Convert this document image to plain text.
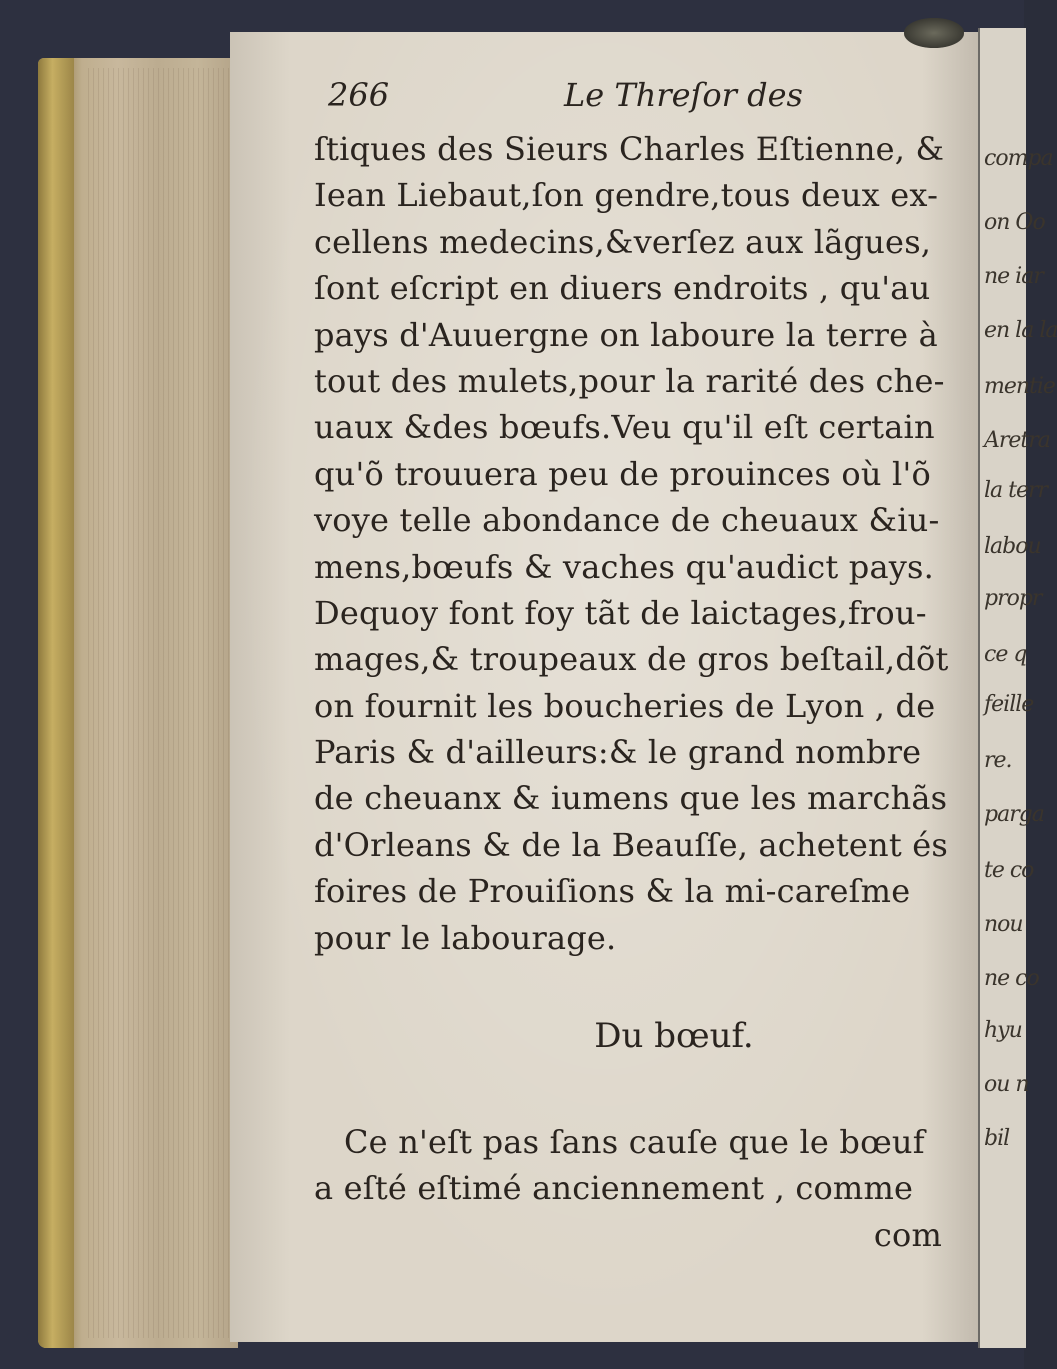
compa
on Oo
ne iar
en la la
mentie
Aretra
la terr
labou
propr
ce q
feille
re.
parga
te co
nou
ne co
hyu
ou n
bil
266	Le Threſor des
ſtiques des Sieurs Charles Eſtienne, &
Iean Liebaut,ſon gendre,tous deux ex-
cellens medecins,&verſez aux lãgues,
ſont eſcript en diuers endroits , qu'au
pays d'Auuergne on laboure la terre à
tout des mulets,pour la rarité des che-
uaux &des bœufs.Veu qu'il eſt certain
qu'õ trouuera peu de prouinces où l'õ
voye telle abondance de cheuaux &iu-
mens,bœufs & vaches qu'audict pays.
Dequoy font foy tãt de laictages,frou-
mages,& troupeaux de gros beſtail,dõt
on fournit les boucheries de Lyon , de
Paris & d'ailleurs:& le grand nombre
de cheuanx & iumens que les marchãs
d'Orleans & de la Beauſſe, achetent és
foires de Prouiſions & la mi-careſme
pour le labourage.
Du bœuf.
Ce n'eſt pas ſans cauſe que le bœuf
a eſté eſtimé anciennement , comme
com
